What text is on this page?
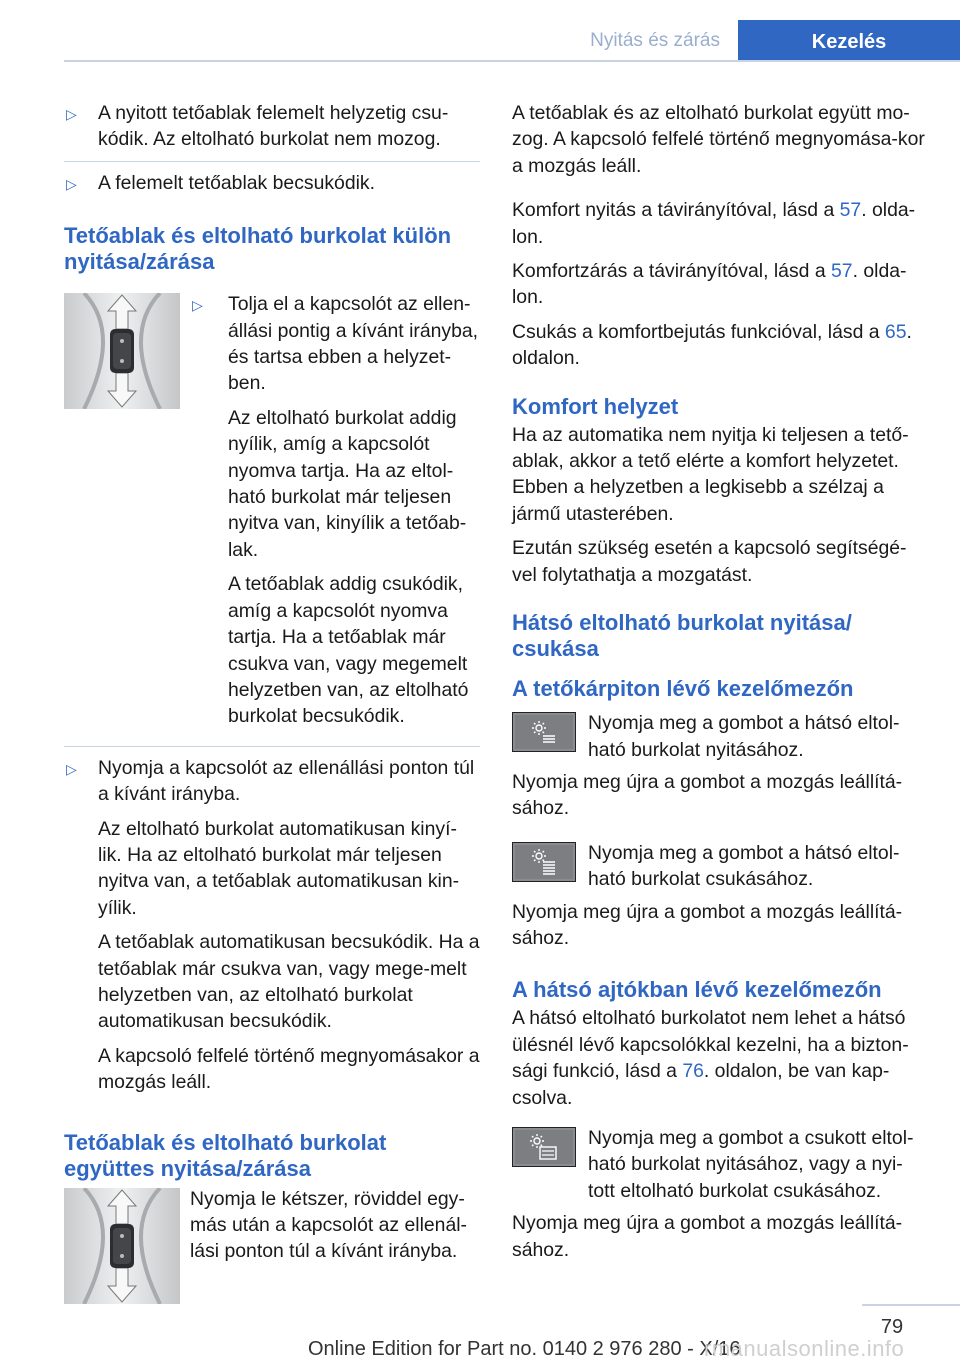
Nyitás és zárás	Kezelés
▷	A nyitott tetőablak felemelt helyzetig csu-kódik. Az eltolható burkolat nem mozog.
▷	A felemelt tetőablak becsukódik.
Tetőablak és eltolható burkolat külön nyitása/zárása
▷	Tolja el a kapcsolót az ellen-állási pontig a kívánt irányba, és tartsa ebben a helyzet-ben.

Az eltolható burkolat addig nyílik, amíg a kapcsolót nyomva tartja. Ha az eltol-ható burkolat már teljesen nyitva van, kinyílik a tetőab-lak.

A tetőablak addig csukódik, amíg a kapcsolót nyomva tartja. Ha a tetőablak már csukva van, vagy megemelt helyzetben van, az eltolható burkolat becsukódik.

▷	Nyomja a kapcsolót az ellenállási ponton túl a kívánt irányba.

Az eltolható burkolat automatikusan kinyí-lik. Ha az eltolható burkolat már teljesen nyitva van, a tetőablak automatikusan kin-yílik.

A tetőablak automatikusan becsukódik. Ha a tetőablak már csukva van, vagy mege-melt helyzetben van, az eltolható burkolat automatikusan becsukódik.

A kapcsoló felfelé történő megnyomásakor a mozgás leáll.

Tetőablak és eltolható burkolat együttes nyitása/zárása
Nyomja le kétszer, röviddel egy-más után a kapcsolót az ellenál-lási ponton túl a kívánt irányba.

A tetőablak és az eltolható burkolat együtt mo-zog. A kapcsoló felfelé történő megnyomása-kor a mozgás leáll.

Komfort nyitás a távirányítóval, lásd a 57. olda-lon.

Komfortzárás a távirányítóval, lásd a 57. olda-lon.

Csukás a komfortbejutás funkcióval, lásd a 65. oldalon.

Komfort helyzet

Ha az automatika nem nyitja ki teljesen a tető-ablak, akkor a tető elérte a komfort helyzetet. Ebben a helyzetben a legkisebb a szélzaj a jármű utasterében.

Ezután szükség esetén a kapcsoló segítségé-vel folytathatja a mozgatást.

Hátsó eltolható burkolat nyitása/ csukása
A tetőkárpiton lévő kezelőmezőn
Nyomja meg a gombot a hátsó eltol-ható burkolat nyitásához.

Nyomja meg újra a gombot a mozgás leállítá-sához.

Nyomja meg a gombot a hátsó eltol-ható burkolat csukásához.

Nyomja meg újra a gombot a mozgás leállítá-sához.

A hátsó ajtókban lévő kezelőmezőn

A hátsó eltolható burkolatot nem lehet a hátsó ülésnél lévő kapcsolókkal kezelni, ha a bizton-sági funkció, lásd a 76. oldalon, be van kap-csolva.

Nyomja meg a gombot a csukott eltol-ható burkolat nyitásához, vagy a nyi-tott eltolható burkolat csukásához.

Nyomja meg újra a gombot a mozgás leállítá-sához.

79
Online Edition for Part no. 0140 2 976 280 - X/16
rmanualsonline.info
